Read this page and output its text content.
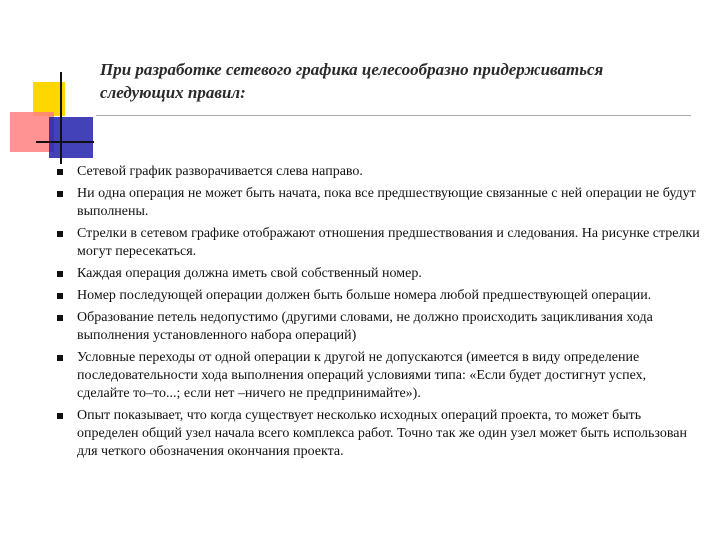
При разработке сетевого графика целесообразно придерживаться следующих правил:
Сетевой график разворачивается слева направо.
Ни одна операция не может быть начата, пока все предшествующие связанные с ней операции не будут выполнены.
Стрелки в сетевом графике отображают отношения предшествования и следования. На рисунке стрелки могут пересекаться.
Каждая операция должна иметь свой собственный номер.
Номер последующей операции должен быть больше номера любой предшествующей операции.
Образование петель недопустимо (другими словами, не должно происходить зацикливания хода выполнения установленного набора операций)
Условные переходы от одной операции к другой не допускаются (имеется в виду определение последовательности хода выполнения операций условиями типа: «Если будет достигнут успех, сделайте то–то...; если нет –ничего не предпринимайте»).
Опыт показывает, что когда существует несколько исходных операций проекта, то может быть определен общий узел начала всего комплекса работ. Точно так же один узел может быть использован для четкого обозначения окончания проекта.
